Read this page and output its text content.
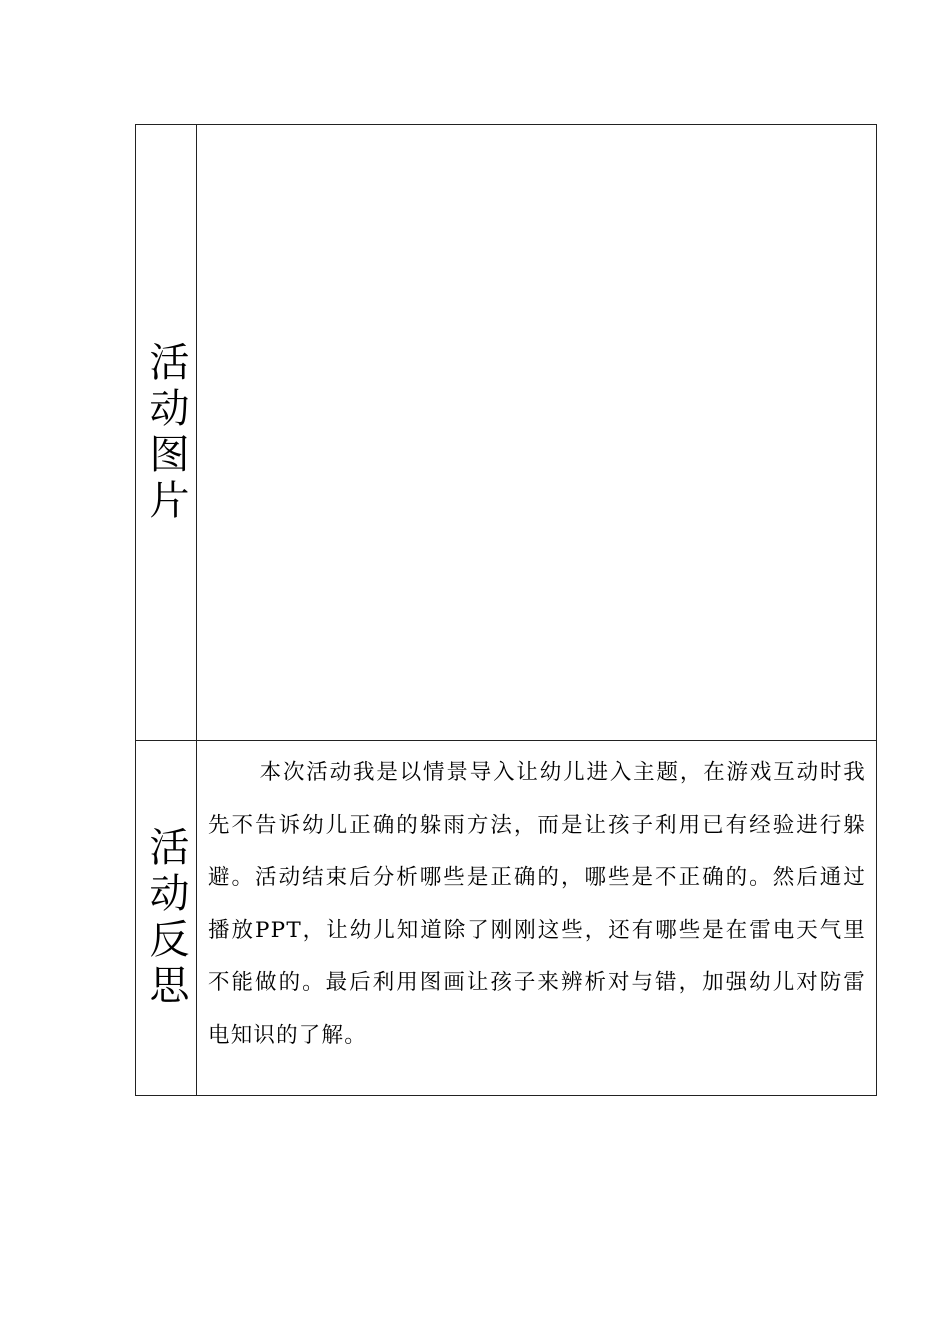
活动图片
活动反思

本次活动我是以情景导入让幼儿进入主题，在游戏互动时我先不告诉幼儿正确的躲雨方法，而是让孩子利用已有经验进行躲避。活动结束后分析哪些是正确的，哪些是不正确的。然后通过播放PPT，让幼儿知道除了刚刚这些，还有哪些是在雷电天气里不能做的。最后利用图画让孩子来辨析对与错，加强幼儿对防雷电知识的了解。
